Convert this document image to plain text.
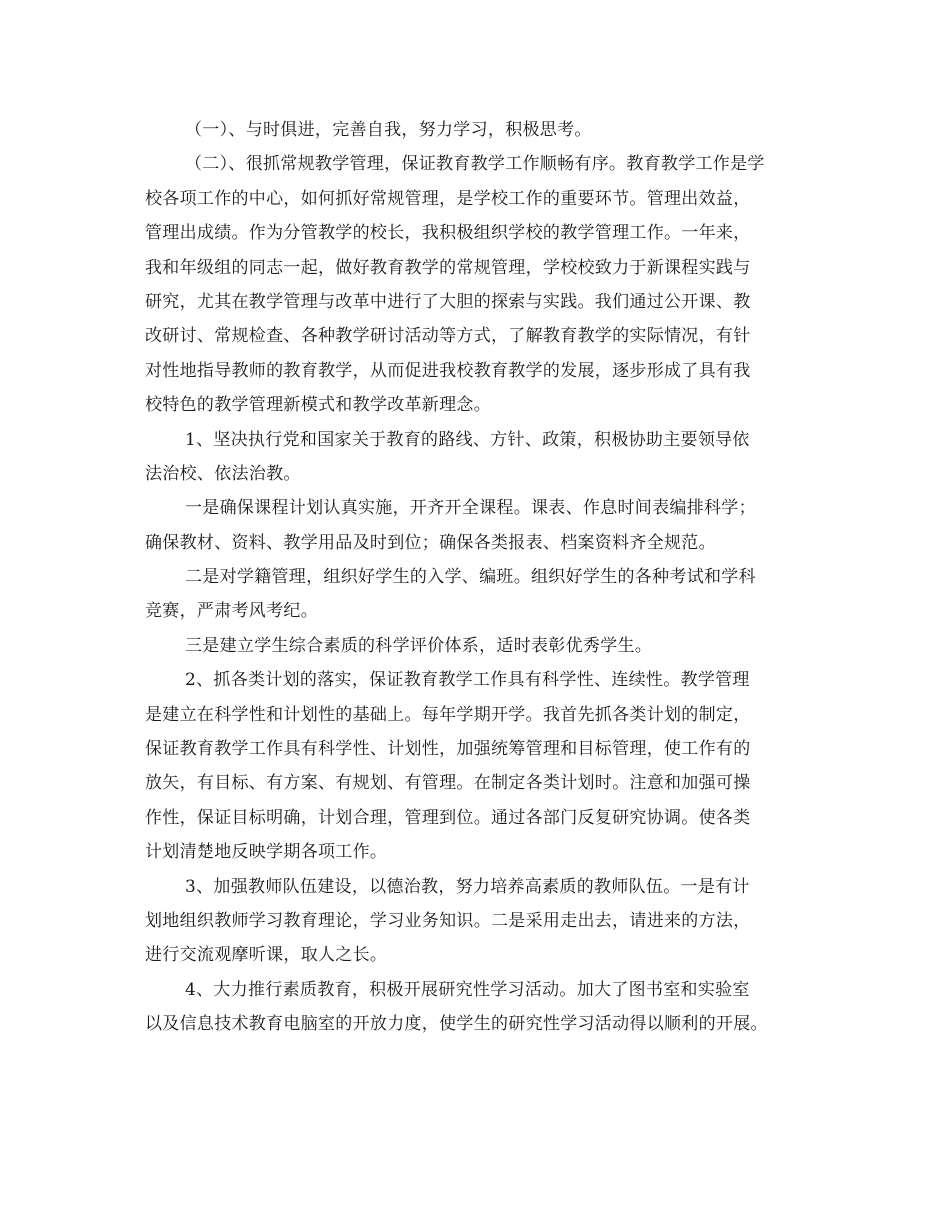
（一）、与时俱进，完善自我，努力学习，积极思考。

（二）、很抓常规教学管理，保证教育教学工作顺畅有序。教育教学工作是学
校各项工作的中心，如何抓好常规管理，是学校工作的重要环节。管理出效益，
管理出成绩。作为分管教学的校长，我积极组织学校的教学管理工作。一年来，
我和年级组的同志一起，做好教育教学的常规管理，学校校致力于新课程实践与
研究，尤其在教学管理与改革中进行了大胆的探索与实践。我们通过公开课、教
改研讨、常规检查、各种教学研讨活动等方式，了解教育教学的实际情况，有针
对性地指导教师的教育教学，从而促进我校教育教学的发展，逐步形成了具有我
校特色的教学管理新模式和教学改革新理念。

1、坚决执行党和国家关于教育的路线、方针、政策，积极协助主要领导依
法治校、依法治教。

一是确保课程计划认真实施，开齐开全课程。课表、作息时间表编排科学；
确保教材、资料、教学用品及时到位；确保各类报表、档案资料齐全规范。

二是对学籍管理，组织好学生的入学、编班。组织好学生的各种考试和学科
竞赛，严肃考风考纪。

三是建立学生综合素质的科学评价体系，适时表彰优秀学生。

2、抓各类计划的落实，保证教育教学工作具有科学性、连续性。教学管理
是建立在科学性和计划性的基础上。每年学期开学。我首先抓各类计划的制定，
保证教育教学工作具有科学性、计划性，加强统筹管理和目标管理，使工作有的
放矢，有目标、有方案、有规划、有管理。在制定各类计划时。注意和加强可操
作性，保证目标明确，计划合理，管理到位。通过各部门反复研究协调。使各类
计划清楚地反映学期各项工作。

3、加强教师队伍建设，以德治教，努力培养高素质的教师队伍。一是有计
划地组织教师学习教育理论，学习业务知识。二是采用走出去，请进来的方法，
进行交流观摩听课，取人之长。

4、大力推行素质教育，积极开展研究性学习活动。加大了图书室和实验室
以及信息技术教育电脑室的开放力度，使学生的研究性学习活动得以顺利的开展。
